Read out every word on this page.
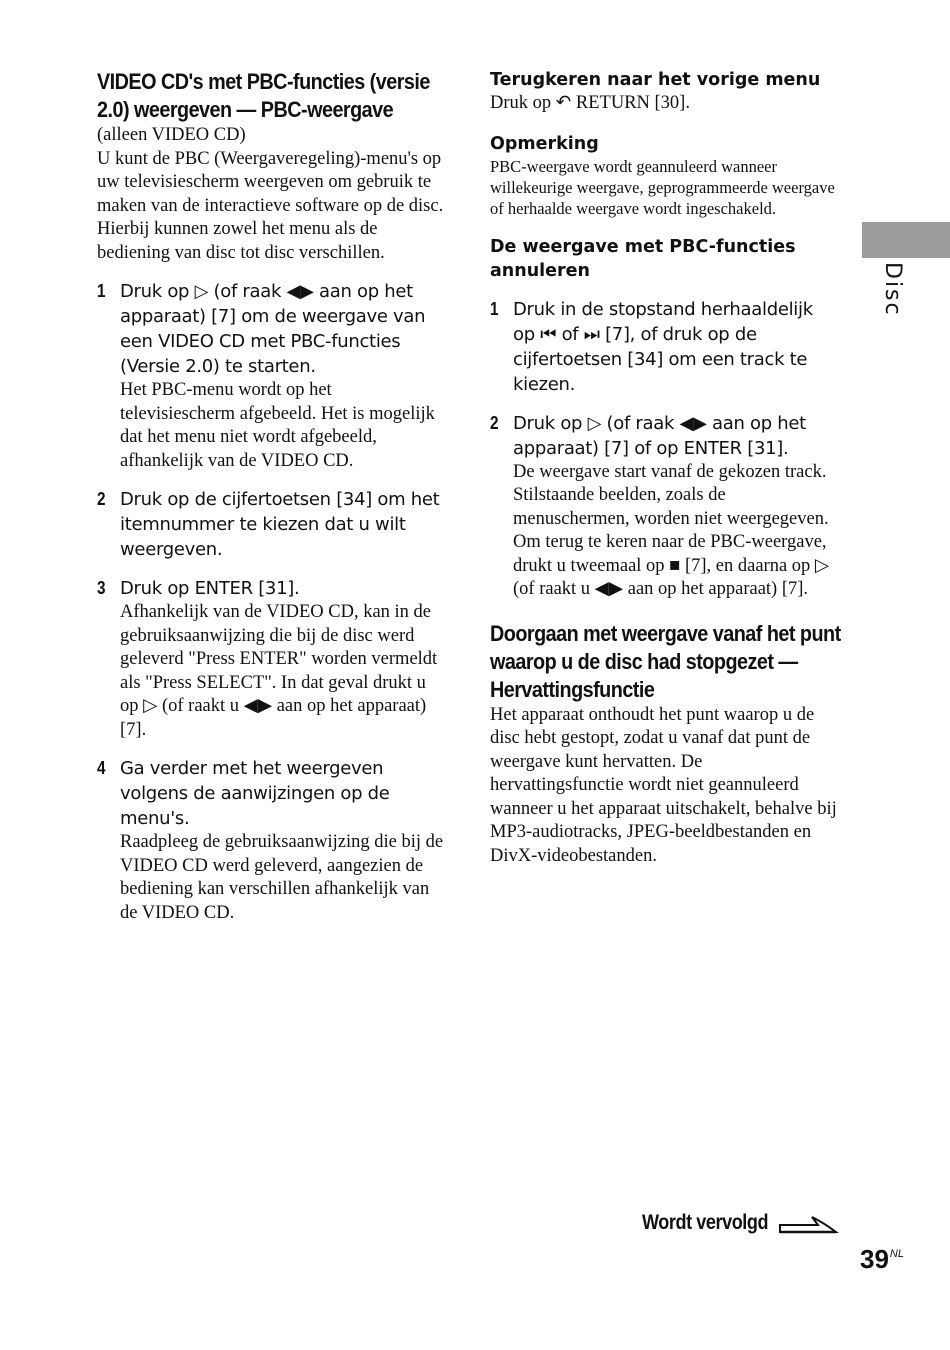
VIDEO CD's met PBC-functies (versie 2.0) weergeven — PBC-weergave

(alleen VIDEO CD)

U kunt de PBC (Weergaveregeling)-menu's op uw televisiescherm weergeven om gebruik te maken van de interactieve software op de disc. Hierbij kunnen zowel het menu als de bediening van disc tot disc verschillen.

1 Druk op ▷ (of raak ◀▶ aan op het apparaat) [7] om de weergave van een VIDEO CD met PBC-functies (Versie 2.0) te starten.

Het PBC-menu wordt op het televisiescherm afgebeeld. Het is mogelijk dat het menu niet wordt afgebeeld, afhankelijk van de VIDEO CD.

2 Druk op de cijfertoetsen [34] om het itemnummer te kiezen dat u wilt weergeven.

3 Druk op ENTER [31].

Afhankelijk van de VIDEO CD, kan in de gebruiksaanwijzing die bij de disc werd geleverd "Press ENTER" worden vermeldt als "Press SELECT". In dat geval drukt u op ▷ (of raakt u ◀▶ aan op het apparaat) [7].

4 Ga verder met het weergeven volgens de aanwijzingen op de menu's.

Raadpleeg de gebruiksaanwijzing die bij de VIDEO CD werd geleverd, aangezien de bediening kan verschillen afhankelijk van de VIDEO CD.

Terugkeren naar het vorige menu

Druk op ↶ RETURN [30].

Opmerking

PBC-weergave wordt geannuleerd wanneer willekeurige weergave, geprogrammeerde weergave of herhaalde weergave wordt ingeschakeld.

De weergave met PBC-functies annuleren
1 Druk in de stopstand herhaaldelijk op ⏮ of ⏭ [7], of druk op de cijfertoetsen [34] om een track te kiezen.

2 Druk op ▷ (of raak ◀▶ aan op het apparaat) [7] of op ENTER [31].

De weergave start vanaf de gekozen track. Stilstaande beelden, zoals de menuschermen, worden niet weergegeven. Om terug te keren naar de PBC-weergave, drukt u tweemaal op ■ [7], en daarna op ▷ (of raakt u ◀▶ aan op het apparaat) [7].

Doorgaan met weergave vanaf het punt waarop u de disc had stopgezet — Hervattingsfunctie

Het apparaat onthoudt het punt waarop u de disc hebt gestopt, zodat u vanaf dat punt de weergave kunt hervatten. De hervattingsfunctie wordt niet geannuleerd wanneer u het apparaat uitschakelt, behalve bij MP3-audiotracks, JPEG-beeldbestanden en DivX-videobestanden.

Disc
Wordt vervolgd
$39^{NL}$
